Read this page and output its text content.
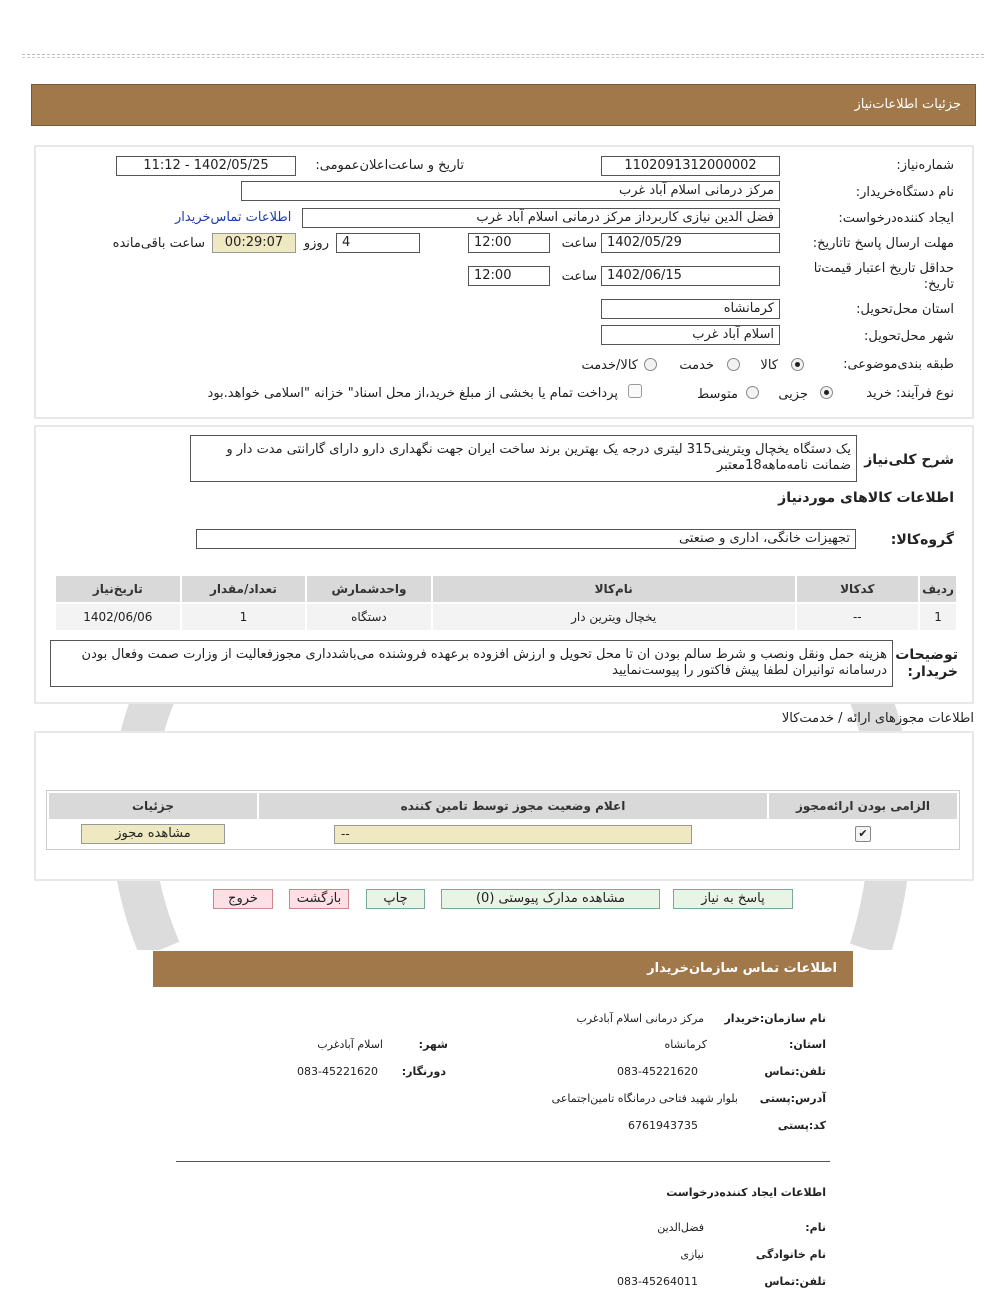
جزئیات اطلاعات‌نیاز
شماره‌نیاز:
1102091312000002
تاریخ و ساعت‌اعلان‌عمومی:
1402/05/25 - 11:12
نام دستگاه‌خریدار:
مرکز درمانی اسلام آباد غرب
ایجاد کننده‌درخواست:
فضل الدین نیازی کاربرداز مرکز درمانی اسلام آباد غرب
اطلاعات تماس‌خریدار
مهلت ارسال پاسخ تا‌تاریخ:
1402/05/29
ساعت
12:00
4
روزو
00:29:07
ساعت باقی‌مانده
حداقل تاریخ اعتبار قیمت‌تا تاریخ:
1402/06/15
ساعت
12:00
استان محل‌تحویل:
کرمانشاه
شهر محل‌تحویل:
اسلام آباد غرب
طبقه بندی‌موضوعی:
کالا
خدمت
کالا/خدمت
نوع فرآیند: خرید
جزیی
متوسط
پرداخت تمام یا بخشی از مبلغ خرید،از محل اسناد" خزانه "اسلامی خواهد.بود
شرح کلی‌نیاز
یک دستگاه یخچال ویترینی315 لیتری درجه یک بهترین برند ساخت ایران جهت نگهداری دارو دارای گارانتی مدت دار و ضمانت نامه‌ماهه18معتبر
اطلاعات کالاهای مورد‌نیاز
گروه‌کالا:
تجهیزات خانگی، اداری و صنعتی
ردیف	کدکالا	نام‌کالا	واحدشمارش	تعداد/مقدار	تاریخ‌نیاز
1	--	یخچال ویترین دار	دستگاه	1	1402/06/06
توضیحات خریدار:
هزینه حمل ونقل ونصب و شرط سالم بودن ان تا محل تحویل و ارزش افزوده برعهده فروشنده می‌باشدداری مجوزفعالیت از وزارت صمت وفعال بودن درسامانه توانیران لطفا پیش فاکتور را پیوست‌نمایید
اطلاعات مجوزهای ارائه / خدمت‌کالا
الزامی بودن ارائه‌مجوز	اعلام وضعیت مجوز توسط تامین کننده	جزئیات
✔	--	مشاهده مجوز
پاسخ به نیاز
مشاهده مدارک پیوستی (0)
چاپ
بازگشت
خروج
اطلاعات تماس سازمان‌خریدار
نام سازمان:خریدار
مرکز درمانی اسلام آبادغرب
استان:
کرمانشاه
شهر:
اسلام آبادغرب
تلفن:تماس
083-45221620
دورنگار:
083-45221620
آدرس:پستی
بلوار شهید فتاحی درمانگاه تامین‌اجتماعی
کد:پستی
6761943735
اطلاعات ایجاد کننده‌درخواست
نام:
فضل‌الدین
نام خانوادگی
نیازی
تلفن:تماس
083-45264011
